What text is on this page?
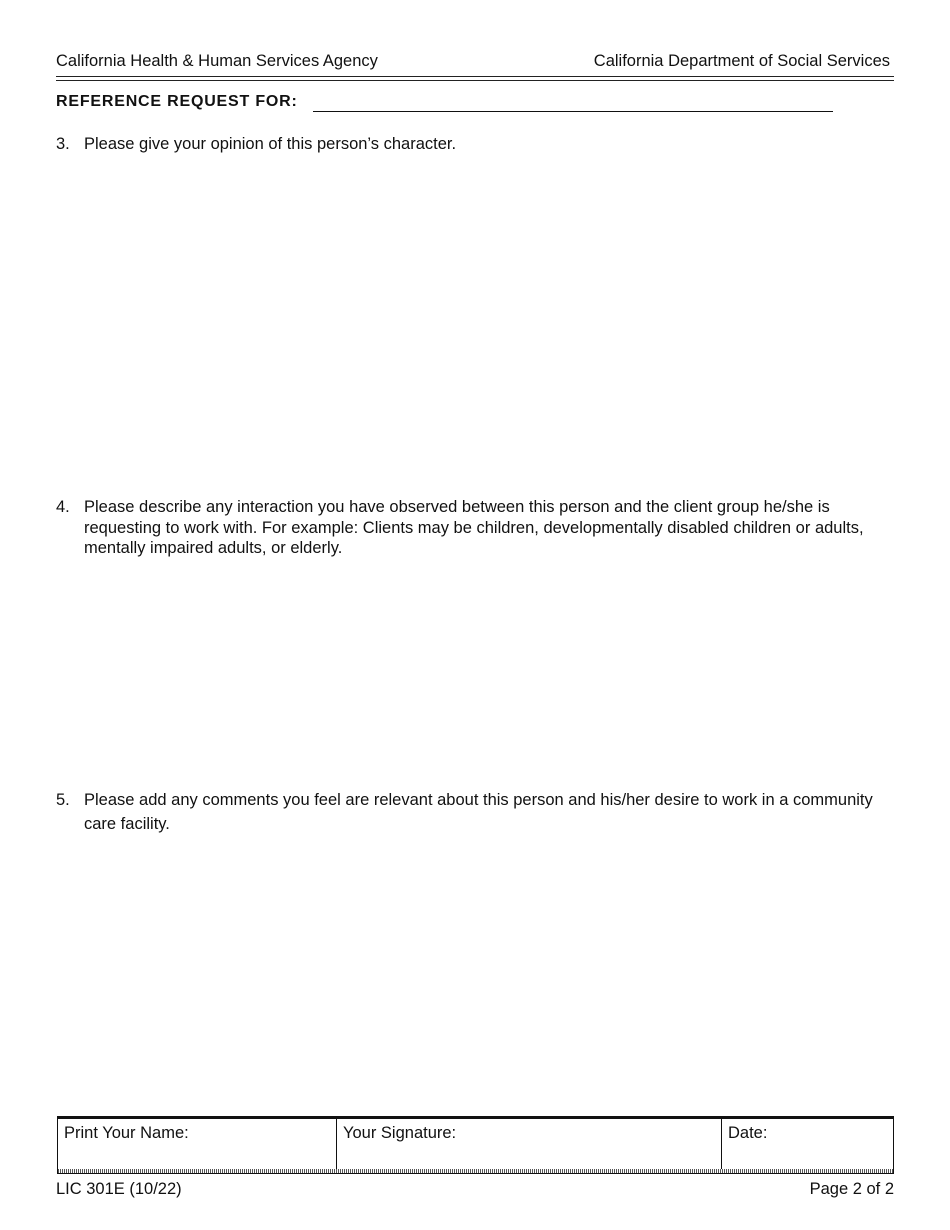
California Health & Human Services Agency	California Department of Social Services
REFERENCE REQUEST FOR:
3. Please give your opinion of this person’s character.
4. Please describe any interaction you have observed between this person and the client group he/she is requesting to work with. For example: Clients may be children, developmentally disabled children or adults, mentally impaired adults, or elderly.
5. Please add any comments you feel are relevant about this person and his/her desire to work in a community care facility.
Print Your Name:	Your Signature:	Date:
LIC 301E (10/22)	Page 2 of 2
